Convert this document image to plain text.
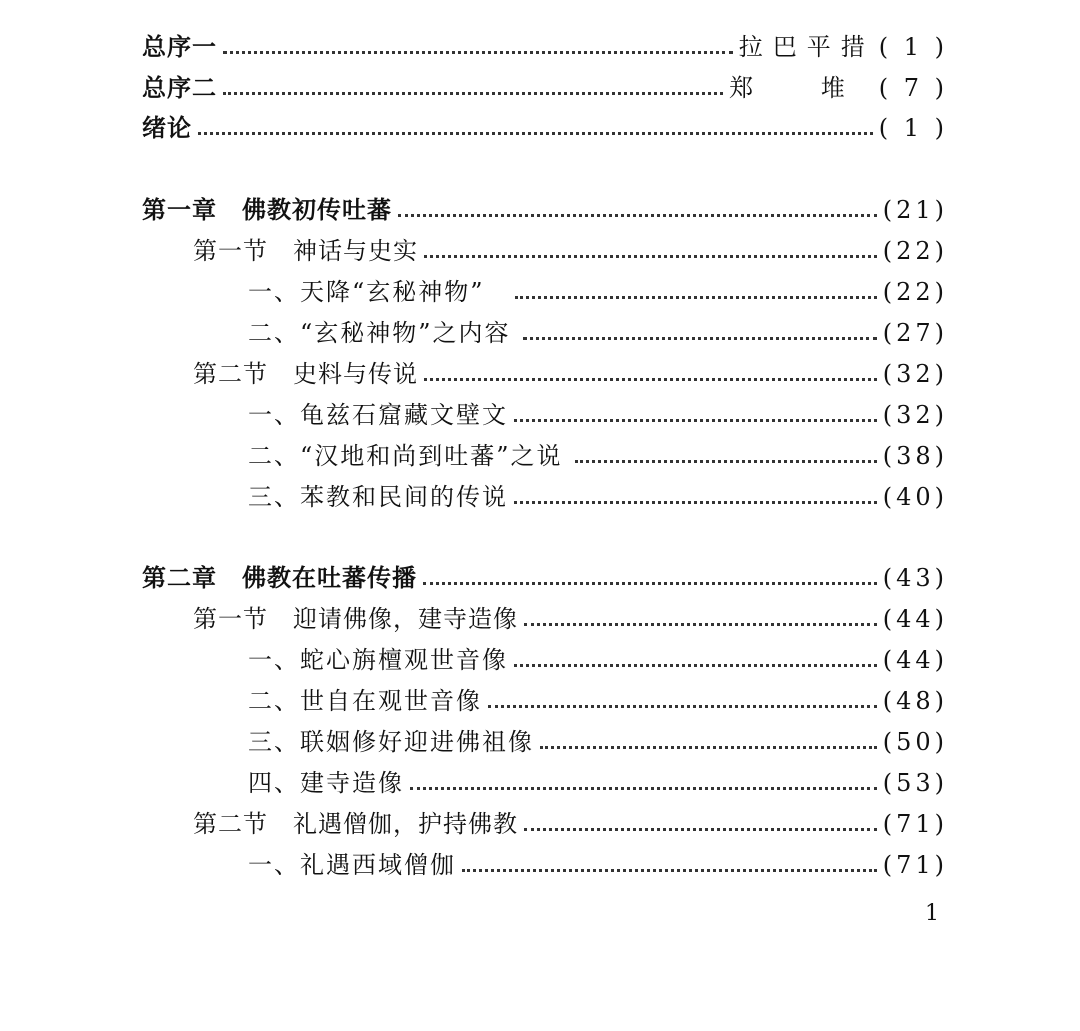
总序一	拉巴平措 ( 1 )
总序二	郑 堆 ( 7 )
绪论	( 1 )
第一章　佛教初传吐蕃	(21)
第一节　神话与史实	(22)
一、天降“玄秘神物”	(22)
二、“玄秘神物”之内容	(27)
第二节　史料与传说	(32)
一、龟兹石窟藏文壁文	(32)
二、“汉地和尚到吐蕃”之说	(38)
三、苯教和民间的传说	(40)
第二章　佛教在吐蕃传播	(43)
第一节　迎请佛像，建寺造像	(44)
一、蛇心旃檀观世音像	(44)
二、世自在观世音像	(48)
三、联姻修好迎进佛祖像	(50)
四、建寺造像	(53)
第二节　礼遇僧伽，护持佛教	(71)
一、礼遇西域僧伽	(71)
1
